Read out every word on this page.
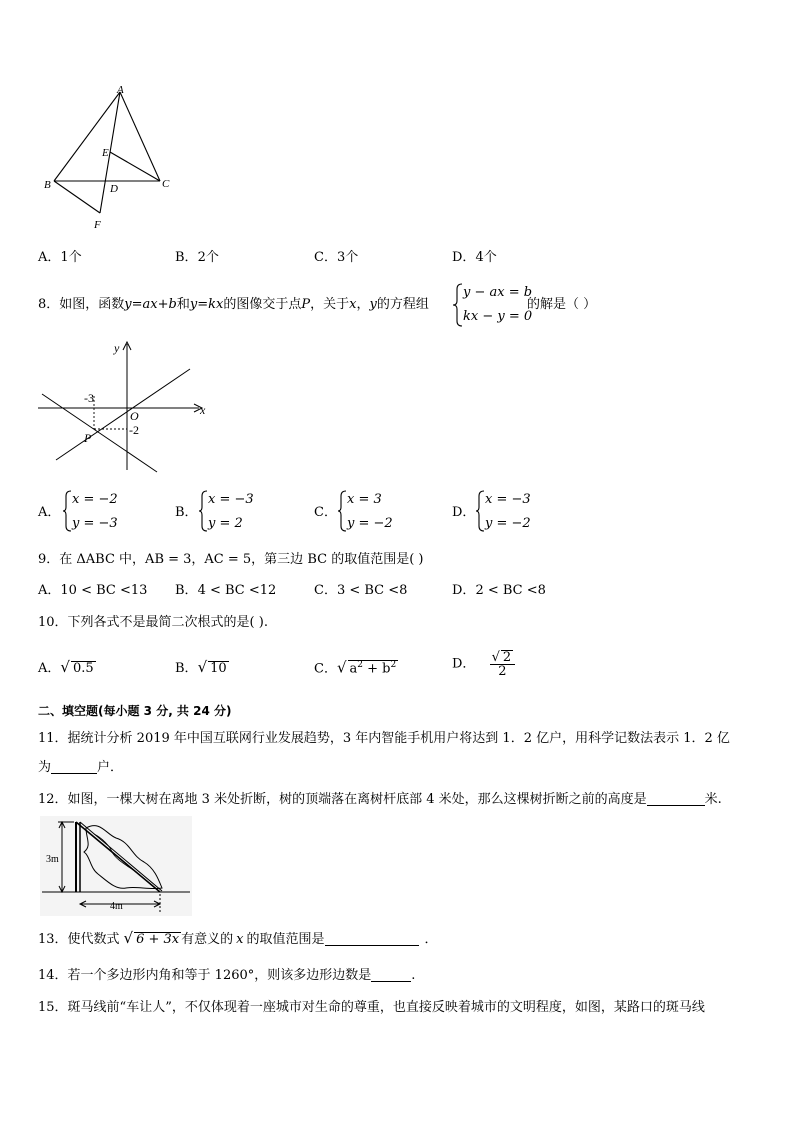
A
B	C
D
E
F
A．1个	B．2个	C．3个	D．4个
8．如图，函数y=ax+b和y=kx的图像交于点P，关于x，y的方程组
y − ax = b
kx − y = 0
的解是（ ）
y
x
O
P
-3
-2
A．
x = −2
y = −3
B．
x = −3
y = 2
C．
x = 3
y = −2
D．
x = −3
y = −2
9．在 ΔABC 中，AB = 3，AC = 5，第三边 BC 的取值范围是( )
A．10 < BC <13 B．4 < BC <12	C．3 < BC <8	D．2 < BC <8
10．下列各式不是最简二次根式的是( ).
A．√ 0.5	B．√ 10	C．√ $a^2 + b^2$	D． $\frac{√ 2}{2}$
二、填空题(每小题 3 分, 共 24 分)
11．据统计分析 2019 年中国互联网行业发展趋势，3 年内智能手机用户将达到 1．2 亿户，用科学记数法表示 1．2 亿
为	户．
12．如图，一棵大树在离地 3 米处折断，树的顶端落在离树杆底部 4 米处，那么这棵树折断之前的高度是	米.
3m
4m
13．使代数式 √ 6 + 3x 有意义的 x 的取值范围是	．
14．若一个多边形内角和等于 1260°，则该多边形边数是	.
15．斑马线前“车让人”，不仅体现着一座城市对生命的尊重，也直接反映着城市的文明程度，如图，某路口的斑马线
